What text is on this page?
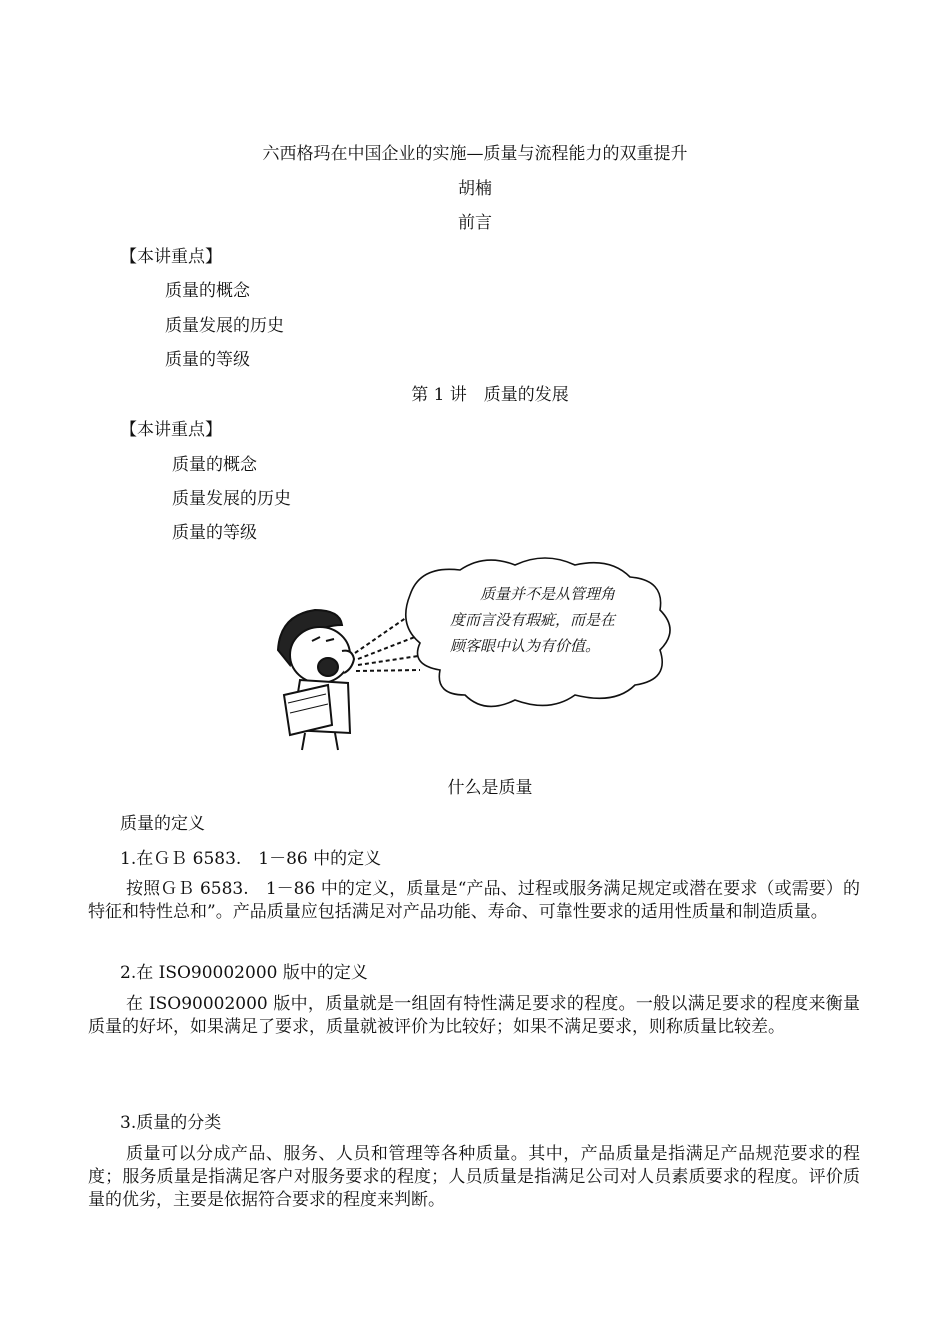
六西格玛在中国企业的实施—质量与流程能力的双重提升
胡楠
前言
【本讲重点】
质量的概念
质量发展的历史
质量的等级
第 1 讲　质量的发展
【本讲重点】
质量的概念
质量发展的历史
质量的等级
质量并不是从管理角
度而言没有瑕疵，而是在
顾客眼中认为有价值。
什么是质量
质量的定义
1.在ＧＢ 6583.　1－86 中的定义
按照ＧＢ 6583.　1－86 中的定义，质量是“产品、过程或服务满足规定或潜在要求（或需要）的特征和特性总和”。产品质量应包括满足对产品功能、寿命、可靠性要求的适用性质量和制造质量。
2.在 ISO90002000 版中的定义
在 ISO90002000 版中，质量就是一组固有特性满足要求的程度。一般以满足要求的程度来衡量质量的好坏，如果满足了要求，质量就被评价为比较好；如果不满足要求，则称质量比较差。
3.质量的分类
质量可以分成产品、服务、人员和管理等各种质量。其中，产品质量是指满足产品规范要求的程度；服务质量是指满足客户对服务要求的程度；人员质量是指满足公司对人员素质要求的程度。评价质量的优劣，主要是依据符合要求的程度来判断。
